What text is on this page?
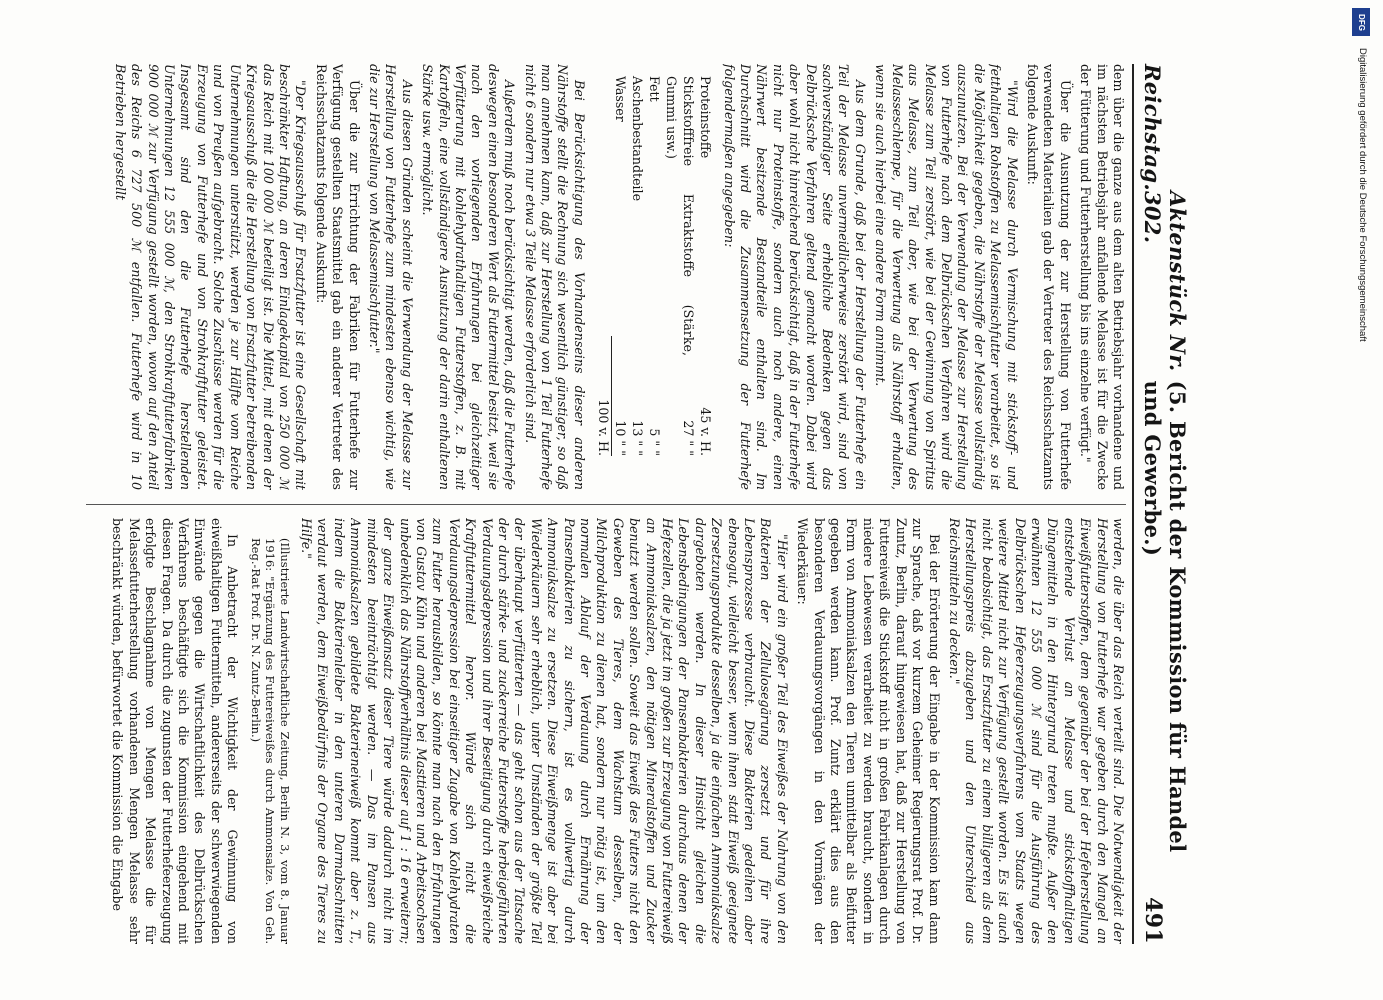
Reichstag.
Aktenstück Nr. 302.
(5. Bericht der Kommission für Handel und Gewerbe.)
491

dem über die ganze aus dem alten Betriebsjahr vorhandene und im nächsten Betriebsjahr anfallende Melasse ist für die Zwecke der Fütterung und Futterherstellung bis ins einzelne verfügt."

Über die Ausnutzung der zur Herstellung von Futterhefe verwendeten Materialien gab der Vertreter des Reichsschatzamts folgende Auskunft:

"Wird die Melasse durch Vermischung mit stickstoff- und fetthaltigen Rohstoffen zu Melassemischfutter verarbeitet, so ist die Möglichkeit gegeben, die Nährstoffe der Melasse vollständig auszunutzen. Bei der Verwendung der Melasse zur Herstellung von Futterhefe nach dem Delbrückschen Verfahren wird die Melasse zum Teil zerstört, wie bei der Gewinnung von Spiritus aus Melasse, zum Teil aber, wie bei der Verwertung des Melasseschlempe, für die Verwertung als Nährstoff erhalten, wenn sie auch hierbei eine andere Form annimmt.

Aus dem Grunde, daß bei der Herstellung der Futterhefe ein Teil der Melasse unvermeidlicherweise zerstört wird, sind von sachverständiger Seite erhebliche Bedenken gegen das Delbrücksche Verfahren geltend gemacht worden. Dabei wird aber wohl nicht hinreichend berücksichtigt, daß in der Futterhefe nicht nur Proteinstoffe, sondern auch noch andere, einen Nährwert besitzende Bestandteile enthalten sind. Im Durchschnitt wird die Zusammensetzung der Futterhefe folgendermaßen angegeben:

Proteinstoffe
45 v. H.
Stickstofffreie Extraktstoffe (Stärke, Gummi usw.)
27 " "
Fett
5 " "
Aschenbestandteile
13 " "
Wasser
10 " "
100 v. H.

Bei Berücksichtigung des Vorhandenseins dieser anderen Nährstoffe stellt die Rechnung sich wesentlich günstiger, so daß man annehmen kann, daß zur Herstellung von 1 Teil Futterhefe nicht 6 sondern nur etwa 3 Teile Melasse erforderlich sind.

Außerdem muß noch berücksichtigt werden, daß die Futterhefe deswegen einen besonderen Wert als Futtermittel besitzt, weil sie nach den vorliegenden Erfahrungen bei gleichzeitiger Verfütterung mit kohlehydrathaltigen Futterstoffen, z. B. mit Kartoffeln, eine vollständigere Ausnutzung der darin enthaltenen Stärke usw. ermöglicht.

Aus diesen Gründen scheint die Verwendung der Melasse zur Herstellung von Futterhefe zum mindesten ebenso wichtig, wie die zur Herstellung von Melassemischfutter."

Über die zur Errichtung der Fabriken für Futterhefe zur Verfügung gestellten Staatsmittel gab ein anderer Vertreter des Reichsschatzamts folgende Auskunft:

"Der Kriegsausschuß für Ersatzfutter ist eine Gesellschaft mit beschränkter Haftung, an deren Einlagekapital von 250 000 ℳ das Reich mit 100 000 ℳ beteiligt ist. Die Mittel, mit denen der Kriegsausschuß die die Herstellung von Ersatzfutter betreibenden Unternehmungen unterstützt, werden je zur Hälfte vom Reiche und von Preußen aufgebracht. Solche Zuschüsse werden für die Erzeugung von Futterhefe und von Strohkraftfutter geleistet. Insgesamt sind den die Futterhefe herstellenden Unternehmungen 12 555 000 ℳ, den Strohkraftfutterfabriken 900 000 ℳ zur Verfügung gestellt worden, wovon auf den Anteil des Reichs 6 727 500 ℳ entfallen. Futterhefe wird in 10 Betrieben hergestellt

werden, die über das Reich verteilt sind. Die Notwendigkeit der Herstellung von Futterhefe war gegeben durch den Mangel an Eiweißfutterstoffen, dem gegenüber der bei der Hefeherstellung entstehende Verlust an Melasse und stickstoffhaltigen Düngemitteln in den Hintergrund treten mußte. Außer den erwähnten 12 555 000 ℳ sind für die Ausführung des Delbrückschen Hefeerzeugungsverfahrens vom Staats wegen weitere Mittel nicht zur Verfügung gestellt worden. Es ist auch nicht beabsichtigt, das Ersatzfutter zu einem billigeren als dem Herstellungspreis abzugeben und den Unterschied aus Reichsmitteln zu decken."

Bei der Erörterung der Eingabe in der Kommission kam dann zur Sprache, daß vor kurzem Geheimer Regierungsrat Prof. Dr. Zuntz, Berlin, darauf hingewiesen hat, daß zur Herstellung von Futtereiweiß die Stickstoff nicht in großen Fabrikanlagen durch niedere Lebewesen verarbeitet zu werden braucht, sondern in Form von Ammoniaksalzen den Tieren unmittelbar als Beifutter gegeben werden kann. Prof. Zuntz erklärt dies aus den besonderen Verdauungsvorgängen in den Vormägen der Wiederkäuer:

"Hier wird ein großer Teil des Eiweißes der Nahrung von den Bakterien der Zellulosegärung zersetzt und für ihre Lebensprozesse verbraucht. Diese Bakterien gedeihen aber ebensogut, vielleicht besser, wenn ihnen statt Eiweiß geeignete Zersetzungsprodukte desselben, ja die einfachen Ammoniaksalze dargeboten werden. In dieser Hinsicht gleichen die Lebensbedingungen der Pansenbakterien durchaus denen der Hefezellen, die ja jetzt im großen zur Erzeugung von Futtereiweiß an Ammoniaksalzen, den nötigen Mineralstoffen und Zucker benutzt werden sollen. Soweit das Eiweiß des Futters nicht den Geweben des Tieres, dem Wachstum desselben, der Milchproduktion zu dienen hat, sondern nur nötig ist, um den normalen Ablauf der Verdauung durch Ernährung der Pansenbakterien zu sichern, ist es vollwertig durch Ammoniaksalze zu ersetzen. Diese Eiweißmenge ist aber bei Wiederkäuern sehr erheblich, unter Umständen der größte Teil der überhaupt verfütterten — das geht schon aus der Tatsache der durch stärke- und zuckerreiche Futterstoffe herbeigeführten Verdauungsdepression und ihrer Beseitigung durch eiweißreiche Kraftfuttermittel hervor. Würde sich nicht die Verdauungsdepression bei einseitiger Zugabe von Kohlehydraten zum Futter herausbilden, so könnte man nach den Erfahrungen von Gustav Kühn und anderen bei Masttieren und Arbeitsochsen unbedenklich das Nährstoffverhältnis dieser auf 1 : 16 erweitern; der ganze Eiweißansatz dieser Tiere würde dadurch nicht im mindesten beeinträchtigt werden. — Das im Pansen aus Ammoniaksalzen gebildete Bakterieneiweiß kommt aber z. T., indem die Bakterienleiber in den unteren Darmabschnitten verdaut werden, dem Eiweißbedürfnis der Organe des Tieres zu Hilfe."

(Illustrierte Landwirtschaftliche Zeitung, Berlin N. 3, vom 8. Januar 1916: "Ergänzung des Futtereiweißes durch Ammonsalze. Von Geh. Reg.-Rat Prof. Dr. N. Zuntz-Berlin.)

In Anbetracht der Wichtigkeit der Gewinnung von eiweißhaltigen Futtermitteln, andererseits der schwerwiegenden Einwände gegen die Wirtschaftlichkeit des Delbrückschen Verfahrens beschäftigte sich die Kommission eingehend mit diesen Fragen. Da durch die zugunsten der Futterhefeerzeugung erfolgte Beschlagnahme von Mengen Melasse die für Melassefutterherstellung vorhandenen Mengen Melasse sehr beschränkt würden, befürwortet die Kommission die Eingabe

DFG
Digitalisierung gefördert durch die Deutsche Forschungsgemeinschaft
